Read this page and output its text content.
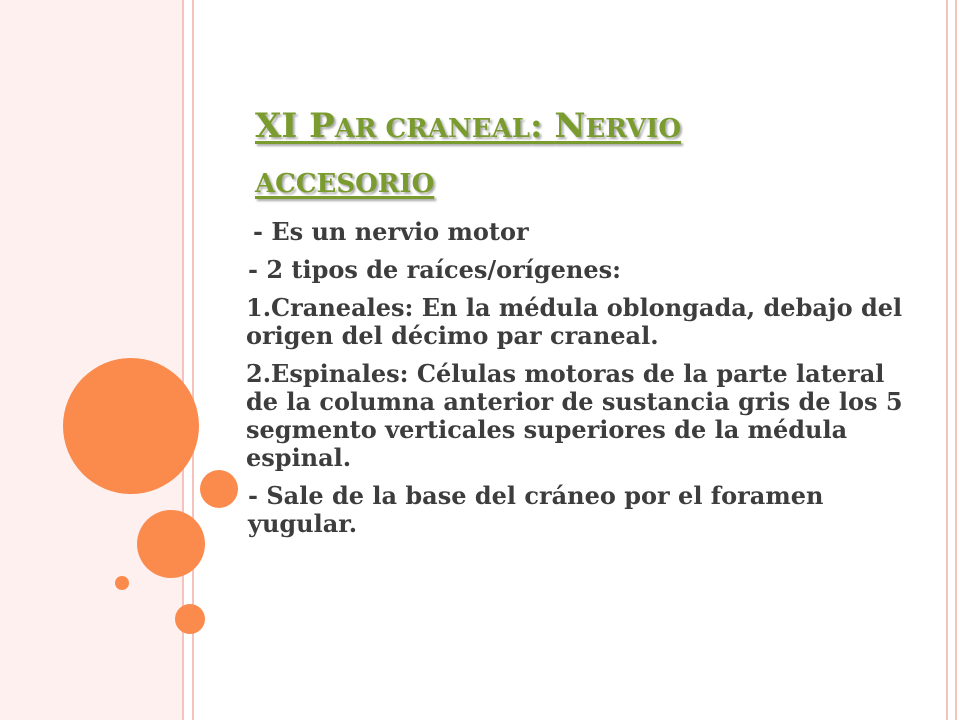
XI PAR CRANEAL: NERVIO
ACCESORIO

- Es un nervio motor

- 2 tipos de raíces/orígenes:

1.Craneales: En la médula oblongada, debajo del origen del décimo par craneal.

2.Espinales: Células motoras de la parte lateral de la columna anterior de sustancia gris de los 5 segmento verticales superiores de la médula espinal.

- Sale de la base del cráneo por el foramen yugular.
